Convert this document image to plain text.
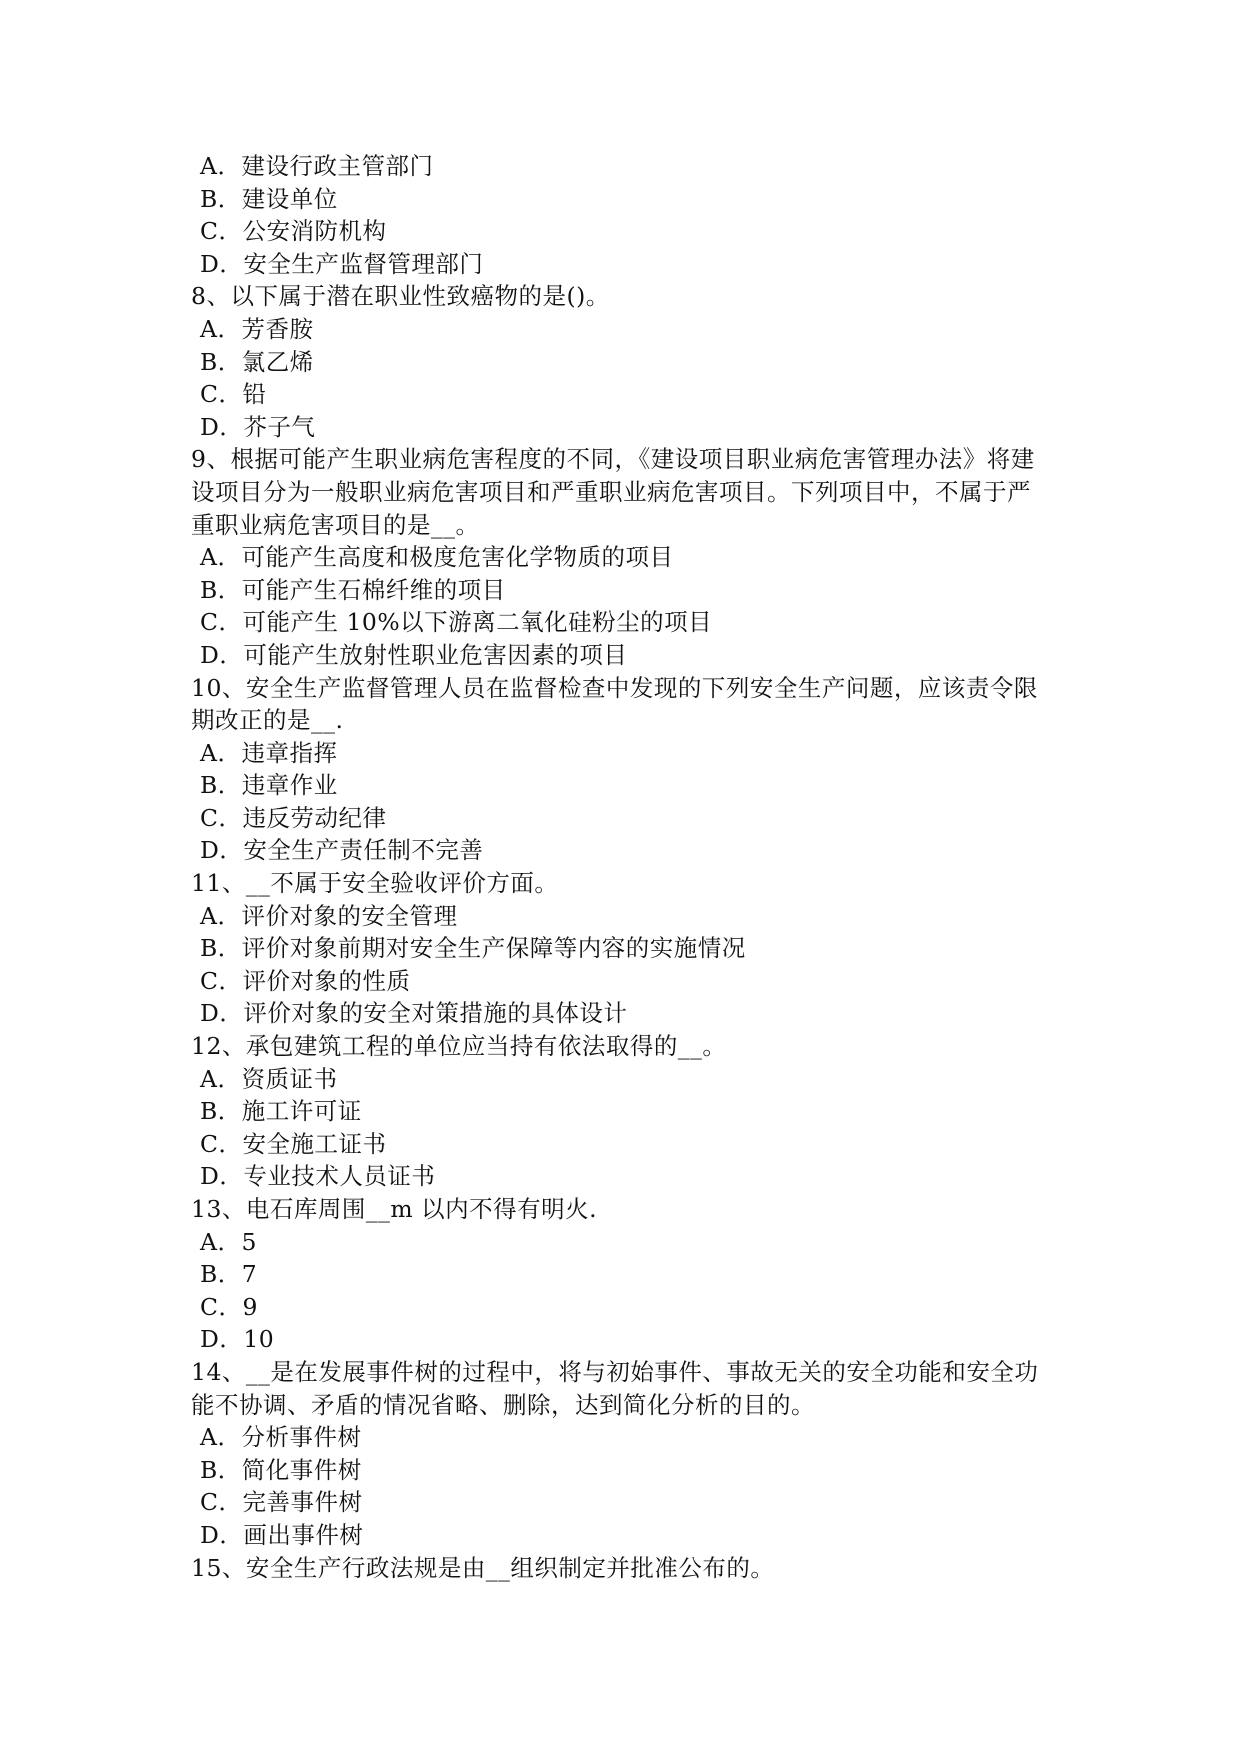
A．建设行政主管部门
B．建设单位
C．公安消防机构
D．安全生产监督管理部门
8、以下属于潜在职业性致癌物的是()。
A．芳香胺
B．氯乙烯
C．铅
D．芥子气
9、根据可能产生职业病危害程度的不同，《建设项目职业病危害管理办法》将建
设项目分为一般职业病危害项目和严重职业病危害项目。下列项目中，不属于严
重职业病危害项目的是__。
A．可能产生高度和极度危害化学物质的项目
B．可能产生石棉纤维的项目
C．可能产生 10%以下游离二氧化硅粉尘的项目
D．可能产生放射性职业危害因素的项目
10、安全生产监督管理人员在监督检查中发现的下列安全生产问题，应该责令限
期改正的是__.
A．违章指挥
B．违章作业
C．违反劳动纪律
D．安全生产责任制不完善
11、__不属于安全验收评价方面。
A．评价对象的安全管理
B．评价对象前期对安全生产保障等内容的实施情况
C．评价对象的性质
D．评价对象的安全对策措施的具体设计
12、承包建筑工程的单位应当持有依法取得的__。
A．资质证书
B．施工许可证
C．安全施工证书
D．专业技术人员证书
13、电石库周围__m 以内不得有明火.
A．5
B．7
C．9
D．10
14、__是在发展事件树的过程中，将与初始事件、事故无关的安全功能和安全功
能不协调、矛盾的情况省略、删除，达到简化分析的目的。
A．分析事件树
B．简化事件树
C．完善事件树
D．画出事件树
15、安全生产行政法规是由__组织制定并批准公布的。
